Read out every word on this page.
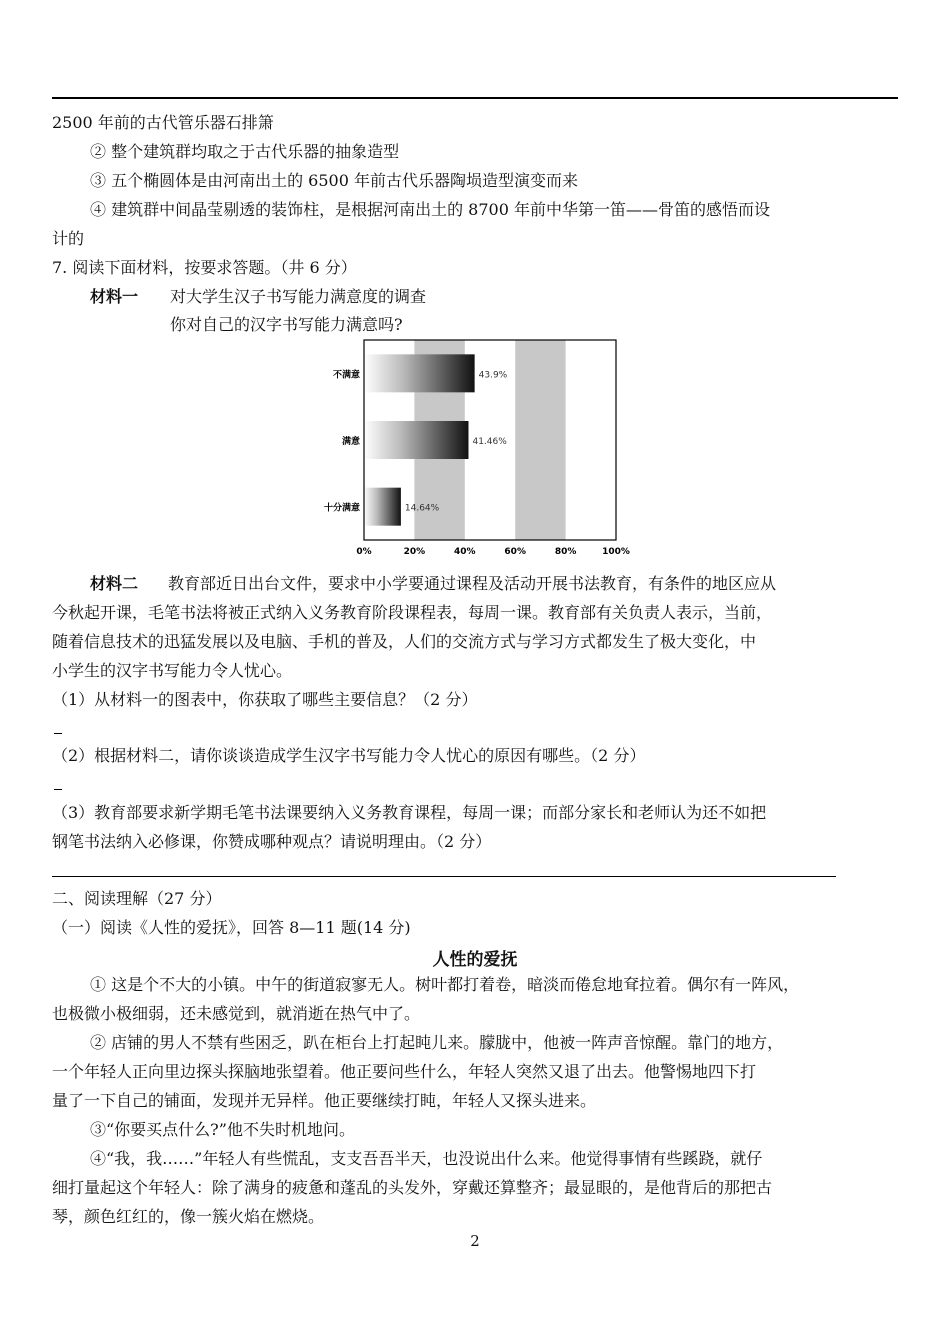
2500 年前的古代管乐器石排箫
② 整个建筑群均取之于古代乐器的抽象造型
③ 五个椭圆体是由河南出土的 6500 年前古代乐器陶埙造型演变而来
④ 建筑群中间晶莹剔透的装饰柱，是根据河南出土的 8700 年前中华第一笛——骨笛的感悟而设
计的
7. 阅读下面材料，按要求答题。（井 6 分）
材料一	对大学生汉子书写能力满意度的调查
你对自己的汉字书写能力满意吗?
0%	20%	40%	60%	80%	100%
不满意
满意
十分满意
43.9%
41.46%
14.64%
材料二	教育部近日出台文件，要求中小学要通过课程及活动开展书法教育，有条件的地区应从
今秋起开课，毛笔书法将被正式纳入义务教育阶段课程表，每周一课。教育部有关负责人表示，当前，
随着信息技术的迅猛发展以及电脑、手机的普及，人们的交流方式与学习方式都发生了极大变化，中
小学生的汉字书写能力令人忧心。
（1）从材料一的图表中，你获取了哪些主要信息？（2 分）
（2）根据材料二，请你谈谈造成学生汉字书写能力令人忧心的原因有哪些。（2 分）
（3）教育部要求新学期毛笔书法课要纳入义务教育课程，每周一课；而部分家长和老师认为还不如把
钢笔书法纳入必修课，你赞成哪种观点？请说明理由。（2 分）
二、阅读理解（27 分）
（一）阅读《人性的爱抚》，回答 8—11 题(14 分)
人性的爱抚
① 这是个不大的小镇。中午的街道寂寥无人。树叶都打着卷，暗淡而倦怠地耷拉着。偶尔有一阵风，
也极微小极细弱，还未感觉到，就消逝在热气中了。
② 店铺的男人不禁有些困乏，趴在柜台上打起盹儿来。朦胧中，他被一阵声音惊醒。靠门的地方，
一个年轻人正向里边探头探脑地张望着。他正要问些什么，年轻人突然又退了出去。他警惕地四下打
量了一下自己的铺面，发现并无异样。他正要继续打盹，年轻人又探头进来。
③“你要买点什么?”他不失时机地问。
④“我，我……”年轻人有些慌乱，支支吾吾半天，也没说出什么来。他觉得事情有些蹊跷，就仔
细打量起这个年轻人：除了满身的疲惫和蓬乱的头发外，穿戴还算整齐；最显眼的，是他背后的那把古
琴，颜色红红的，像一簇火焰在燃烧。
2
